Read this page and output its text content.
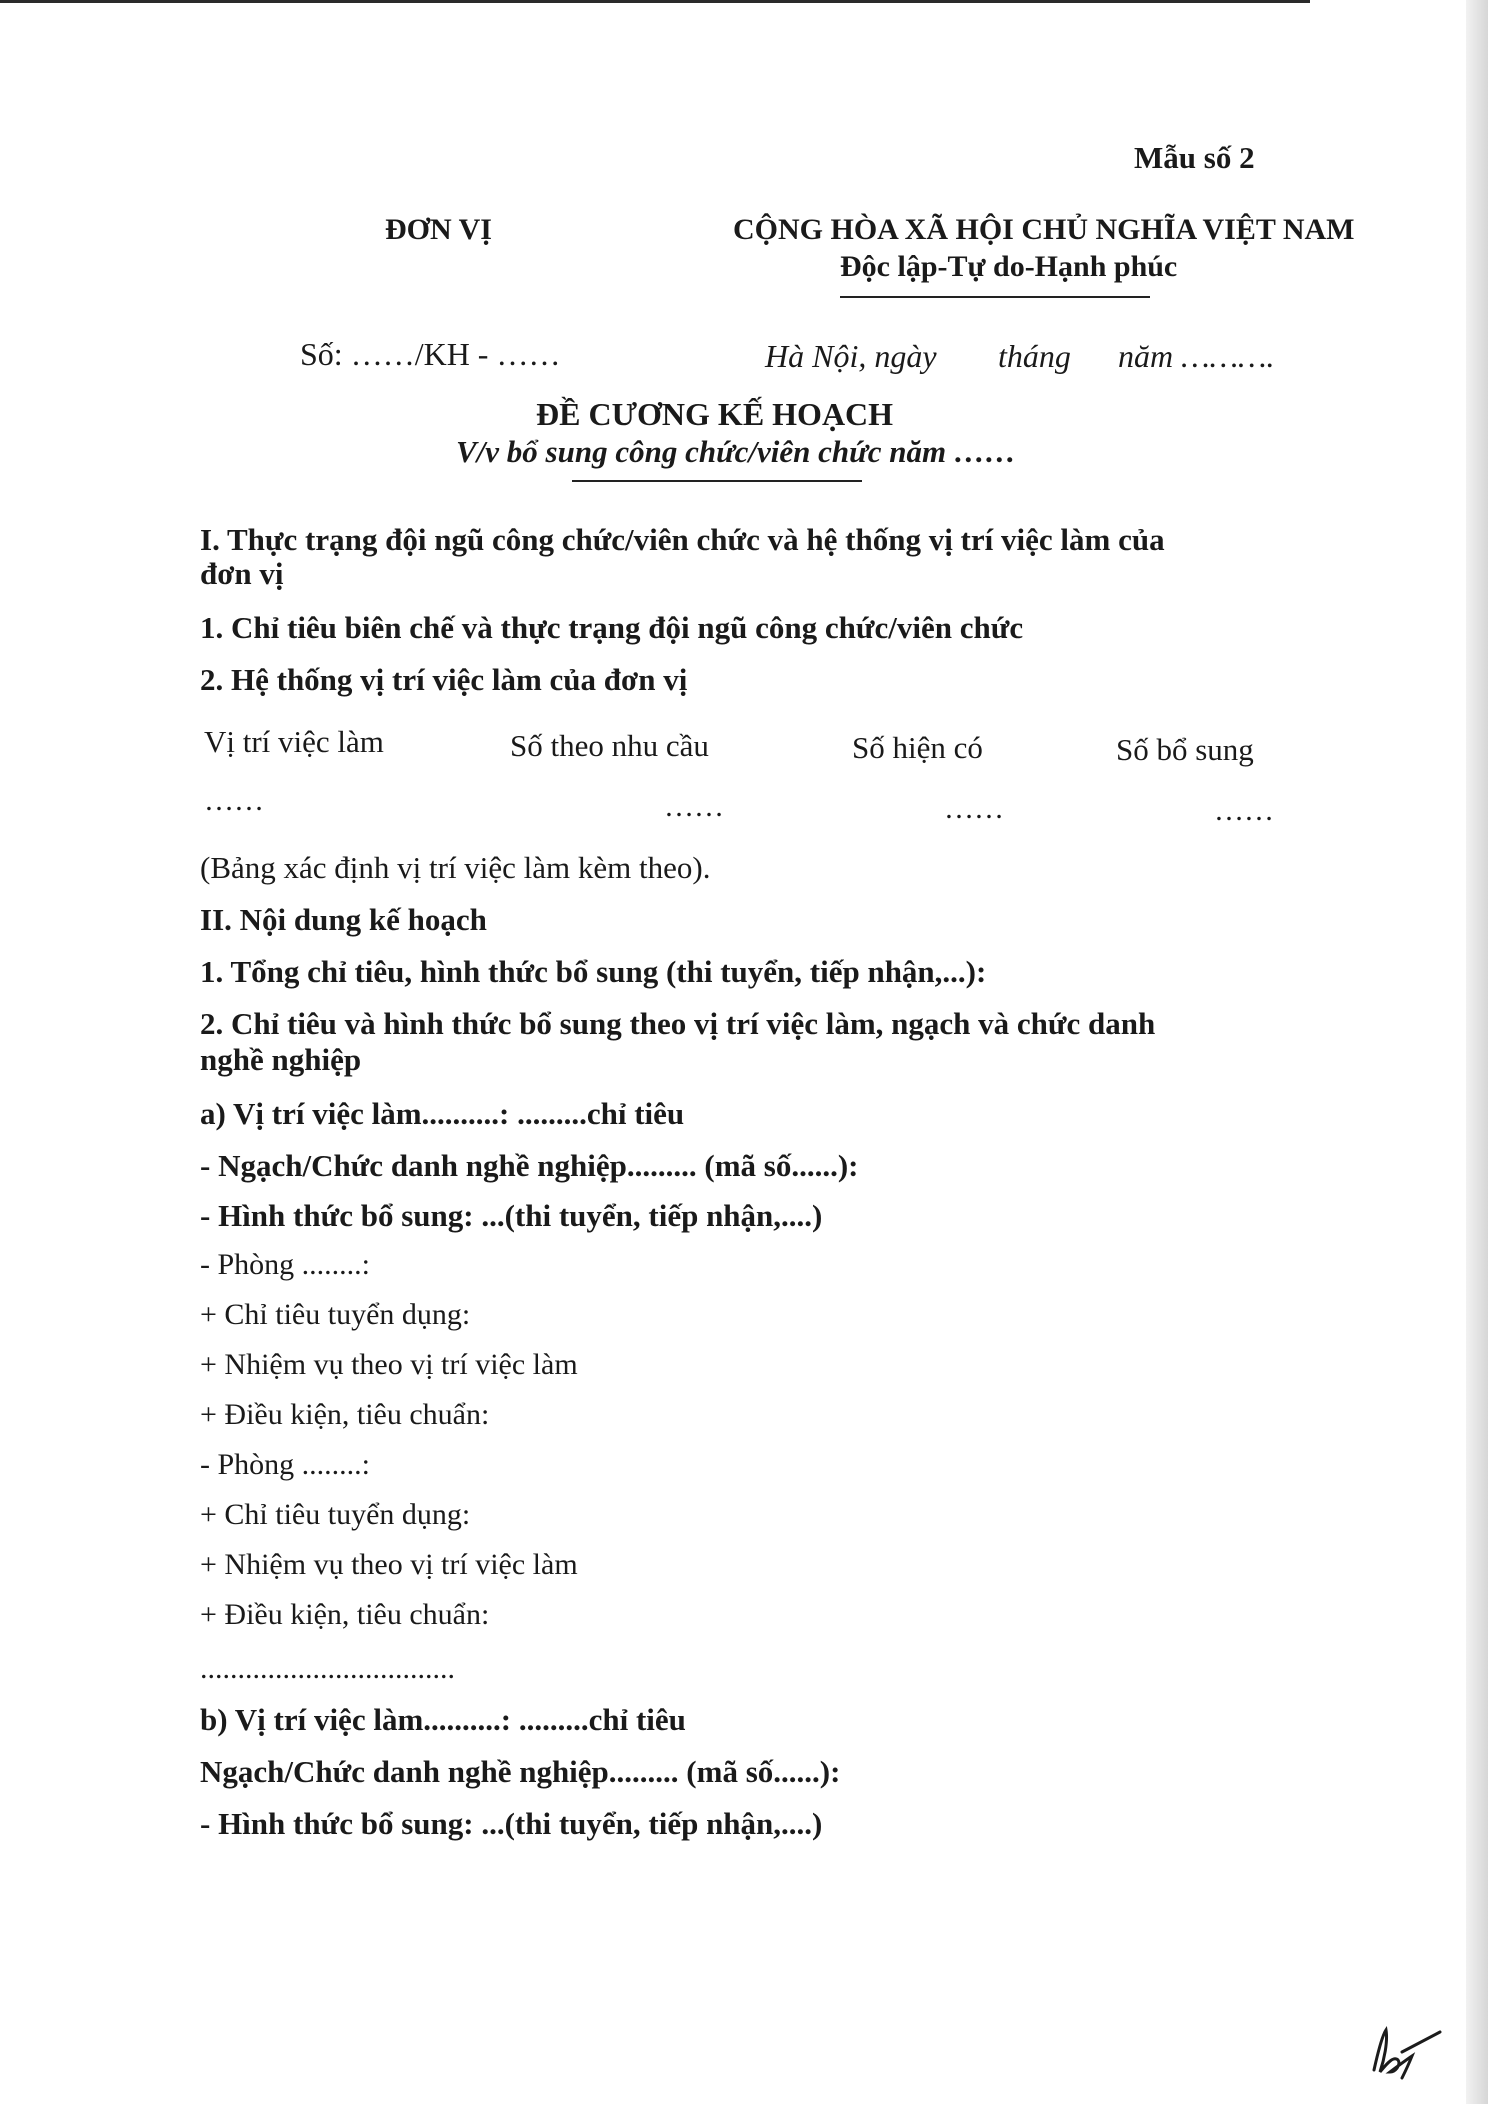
Mẫu số 2
ĐƠN VỊ	CỘNG HÒA XÃ HỘI CHỦ NGHĨA VIỆT NAM
Độc lập-Tự do-Hạnh phúc
Số: ……/KH - ……	Hà Nội, ngày tháng năm ……….
ĐỀ CƯƠNG KẾ HOẠCH
V/v bổ sung công chức/viên chức năm ……
I. Thực trạng đội ngũ công chức/viên chức và hệ thống vị trí việc làm của
đơn vị
1. Chỉ tiêu biên chế và thực trạng đội ngũ công chức/viên chức
2. Hệ thống vị trí việc làm của đơn vị
Vị trí việc làm	Số theo nhu cầu	Số hiện có	Số bổ sung
……	……	……	……
(Bảng xác định vị trí việc làm kèm theo).
II. Nội dung kế hoạch
1. Tổng chỉ tiêu, hình thức bổ sung (thi tuyển, tiếp nhận,...):
2. Chỉ tiêu và hình thức bổ sung theo vị trí việc làm, ngạch và chức danh
nghề nghiệp
a) Vị trí việc làm..........: .........chỉ tiêu
- Ngạch/Chức danh nghề nghiệp......... (mã số......):
- Hình thức bổ sung: ...(thi tuyển, tiếp nhận,....)
- Phòng ........:
+ Chỉ tiêu tuyển dụng:
+ Nhiệm vụ theo vị trí việc làm
+ Điều kiện, tiêu chuẩn:
- Phòng ........:
+ Chỉ tiêu tuyển dụng:
+ Nhiệm vụ theo vị trí việc làm
+ Điều kiện, tiêu chuẩn:
..................................
b) Vị trí việc làm..........: .........chỉ tiêu
Ngạch/Chức danh nghề nghiệp......... (mã số......):
- Hình thức bổ sung: ...(thi tuyển, tiếp nhận,....)
